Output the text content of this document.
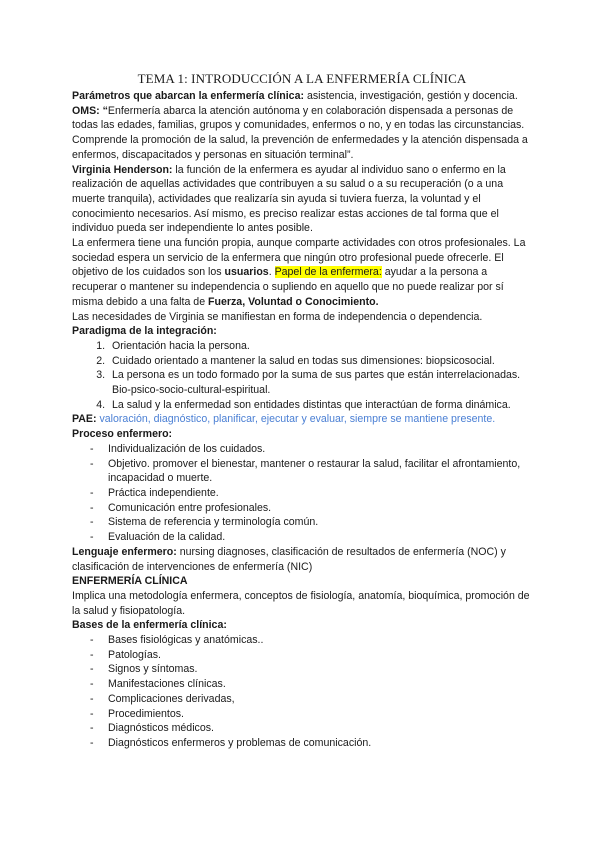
TEMA 1: INTRODUCCIÓN A LA ENFERMERÍA CLÍNICA

Parámetros que abarcan la enfermería clínica: asistencia, investigación, gestión y docencia.

OMS: “Enfermería abarca la atención autónoma y en colaboración dispensada a personas de todas las edades, familias, grupos y comunidades, enfermos o no, y en todas las circunstancias. Comprende la promoción de la salud, la prevención de enfermedades y la atención dispensada a enfermos, discapacitados y personas en situación terminal”.

Virginia Henderson: la función de la enfermera es ayudar al individuo sano o enfermo en la realización de aquellas actividades que contribuyen a su salud o a su recuperación (o a una muerte tranquila), actividades que realizaría sin ayuda si tuviera fuerza, la voluntad y el conocimiento necesarios. Así mismo, es preciso realizar estas acciones de tal forma que el individuo pueda ser independiente lo antes posible.

La enfermera tiene una función propia, aunque comparte actividades con otros profesionales. La sociedad espera un servicio de la enfermera que ningún otro profesional puede ofrecerle. El objetivo de los cuidados son los usuarios. Papel de la enfermera: ayudar a la persona a recuperar o mantener su independencia o supliendo en aquello que no puede realizar por sí misma debido a una falta de Fuerza, Voluntad o Conocimiento.

Las necesidades de Virginia se manifiestan en forma de independencia o dependencia.

Paradigma de la integración:

1. Orientación hacia la persona.
2. Cuidado orientado a mantener la salud en todas sus dimensiones: biopsicosocial.
3. La persona es un todo formado por la suma de sus partes que están interrelacionadas. Bio-psico-socio-cultural-espiritual.
4. La salud y la enfermedad son entidades distintas que interactúan de forma dinámica.

PAE: valoración, diagnóstico, planificar, ejecutar y evaluar, siempre se mantiene presente.

Proceso enfermero:

- Individualización de los cuidados.
- Objetivo. promover el bienestar, mantener o restaurar la salud, facilitar el afrontamiento, incapacidad o muerte.
- Práctica independiente.
- Comunicación entre profesionales.
- Sistema de referencia y terminología común.
- Evaluación de la calidad.

Lenguaje enfermero: nursing diagnoses, clasificación de resultados de enfermería (NOC) y clasificación de intervenciones de enfermería (NIC)

ENFERMERÍA CLÍNICA

Implica una metodología enfermera, conceptos de fisiología, anatomía, bioquímica, promoción de la salud y fisiopatología.

Bases de la enfermería clínica:

- Bases fisiológicas y anatómicas..
- Patologías.
- Signos y síntomas.
- Manifestaciones clínicas.
- Complicaciones derivadas,
- Procedimientos.
- Diagnósticos médicos.
- Diagnósticos enfermeros y problemas de comunicación.
